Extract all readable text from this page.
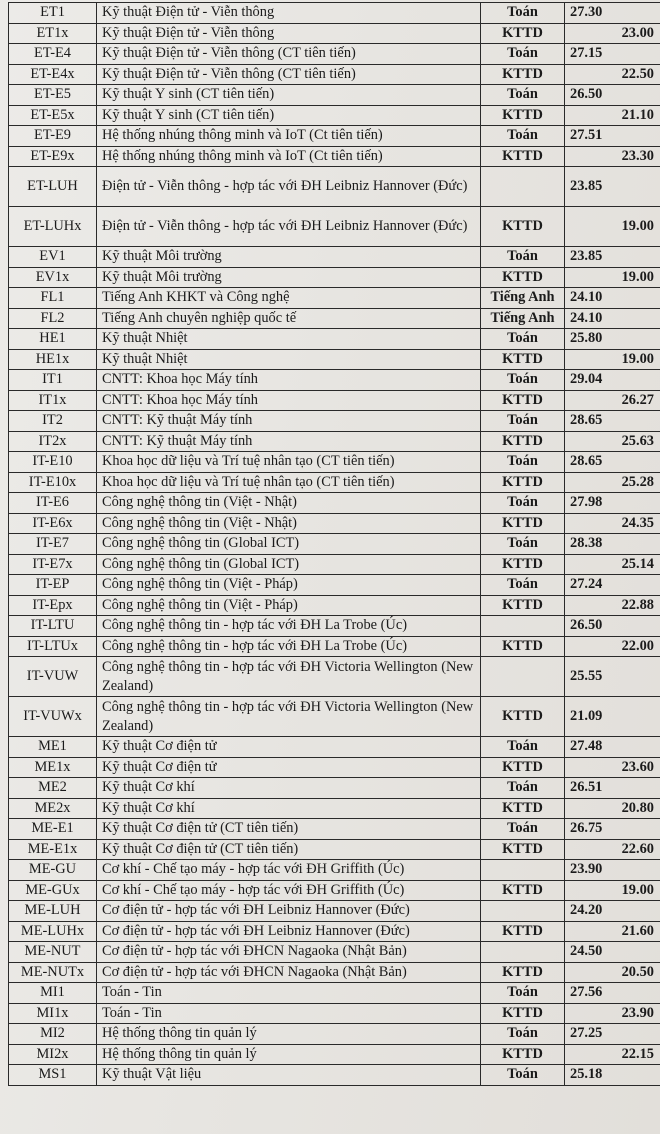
ET1	Kỹ thuật Điện tử - Viễn thông	Toán	27.30
ET1x	Kỹ thuật Điện tử - Viễn thông	KTTD	23.00
ET-E4	Kỹ thuật Điện tử - Viễn thông (CT tiên tiến)	Toán	27.15
ET-E4x	Kỹ thuật Điện tử - Viễn thông (CT tiên tiến)	KTTD	22.50
ET-E5	Kỹ thuật Y sinh (CT tiên tiến)	Toán	26.50
ET-E5x	Kỹ thuật Y sinh (CT tiên tiến)	KTTD	21.10
ET-E9	Hệ thống nhúng thông minh và IoT (Ct tiên tiến)	Toán	27.51
ET-E9x	Hệ thống nhúng thông minh và IoT (Ct tiên tiến)	KTTD	23.30
ET-LUH	Điện tử - Viễn thông - hợp tác với ĐH Leibniz Hannover (Đức)		23.85
ET-LUHx	Điện tử - Viễn thông - hợp tác với ĐH Leibniz Hannover (Đức)	KTTD	19.00
EV1	Kỹ thuật Môi trường	Toán	23.85
EV1x	Kỹ thuật Môi trường	KTTD	19.00
FL1	Tiếng Anh KHKT và Công nghệ	Tiếng Anh	24.10
FL2	Tiếng Anh chuyên nghiệp quốc tế	Tiếng Anh	24.10
HE1	Kỹ thuật Nhiệt	Toán	25.80
HE1x	Kỹ thuật Nhiệt	KTTD	19.00
IT1	CNTT: Khoa học Máy tính	Toán	29.04
IT1x	CNTT: Khoa học Máy tính	KTTD	26.27
IT2	CNTT: Kỹ thuật Máy tính	Toán	28.65
IT2x	CNTT: Kỹ thuật Máy tính	KTTD	25.63
IT-E10	Khoa học dữ liệu và Trí tuệ nhân tạo (CT tiên tiến)	Toán	28.65
IT-E10x	Khoa học dữ liệu và Trí tuệ nhân tạo (CT tiên tiến)	KTTD	25.28
IT-E6	Công nghệ thông tin (Việt - Nhật)	Toán	27.98
IT-E6x	Công nghệ thông tin (Việt - Nhật)	KTTD	24.35
IT-E7	Công nghệ thông tin (Global ICT)	Toán	28.38
IT-E7x	Công nghệ thông tin (Global ICT)	KTTD	25.14
IT-EP	Công nghệ thông tin (Việt - Pháp)	Toán	27.24
IT-Epx	Công nghệ thông tin (Việt - Pháp)	KTTD	22.88
IT-LTU	Công nghệ thông tin - hợp tác với ĐH La Trobe (Úc)		26.50
IT-LTUx	Công nghệ thông tin - hợp tác với ĐH La Trobe (Úc)	KTTD	22.00
IT-VUW	Công nghệ thông tin - hợp tác với ĐH Victoria Wellington (New Zealand)		25.55
IT-VUWx	Công nghệ thông tin - hợp tác với ĐH Victoria Wellington (New Zealand)	KTTD	21.09
ME1	Kỹ thuật Cơ điện tử	Toán	27.48
ME1x	Kỹ thuật Cơ điện tử	KTTD	23.60
ME2	Kỹ thuật Cơ khí	Toán	26.51
ME2x	Kỹ thuật Cơ khí	KTTD	20.80
ME-E1	Kỹ thuật Cơ điện tử (CT tiên tiến)	Toán	26.75
ME-E1x	Kỹ thuật Cơ điện tử (CT tiên tiến)	KTTD	22.60
ME-GU	Cơ khí - Chế tạo máy - hợp tác với ĐH Griffith (Úc)		23.90
ME-GUx	Cơ khí - Chế tạo máy - hợp tác với ĐH Griffith (Úc)	KTTD	19.00
ME-LUH	Cơ điện tử - hợp tác với ĐH Leibniz Hannover (Đức)		24.20
ME-LUHx	Cơ điện tử - hợp tác với ĐH Leibniz Hannover (Đức)	KTTD	21.60
ME-NUT	Cơ điện tử - hợp tác với ĐHCN Nagaoka (Nhật Bản)		24.50
ME-NUTx	Cơ điện tử - hợp tác với ĐHCN Nagaoka (Nhật Bản)	KTTD	20.50
MI1	Toán - Tin	Toán	27.56
MI1x	Toán - Tin	KTTD	23.90
MI2	Hệ thống thông tin quản lý	Toán	27.25
MI2x	Hệ thống thông tin quản lý	KTTD	22.15
MS1	Kỹ thuật Vật liệu	Toán	25.18
